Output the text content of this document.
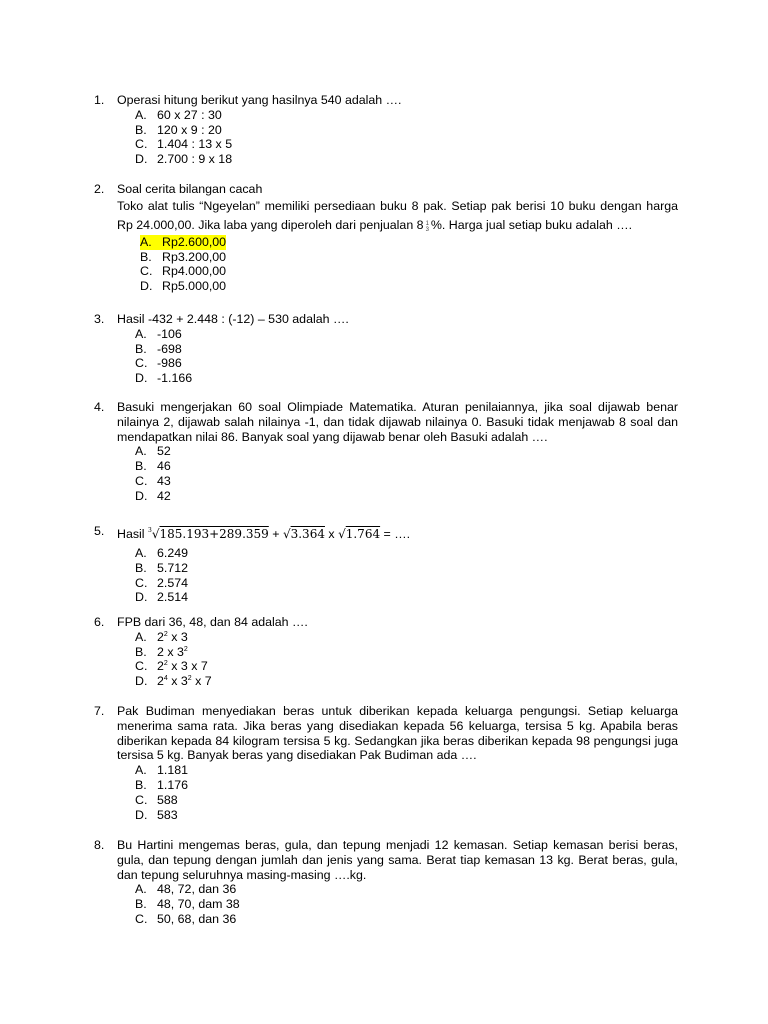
1.	Operasi hitung berikut yang hasilnya 540 adalah ….
A. 60 x 27 : 30
B. 120 x 9 : 20
C. 1.404 : 13 x 5
D. 2.700 : 9 x 18
2.	Soal cerita bilangan cacah
Toko alat tulis “Ngeyelan” memiliki persediaan buku 8 pak. Setiap pak berisi 10 buku dengan harga Rp 24.000,00. Jika laba yang diperoleh dari penjualan 8 1
3 %. Harga jual setiap buku adalah ….
A. Rp2.600,00
B. Rp3.200,00
C. Rp4.000,00
D. Rp5.000,00
3.	Hasil -432 + 2.448 : (-12) – 530 adalah ….
A. -106
B. -698
C. -986
D. -1.166
4.	Basuki mengerjakan 60 soal Olimpiade Matematika. Aturan penilaiannya, jika soal dijawab benar nilainya 2, dijawab salah nilainya -1, dan tidak dijawab nilainya 0. Basuki tidak menjawab 8 soal dan mendapatkan nilai 86. Banyak soal yang dijawab benar oleh Basuki adalah ….
A. 52
B. 46
C. 43
D. 42
5.	Hasil $^3$√185.193+289.359 + √3.364 x √1.764 = ….
A. 6.249
B. 5.712
C. 2.574
D. 2.514
6.	FPB dari 36, 48, dan 84 adalah ….
A. $2^2$ x 3
B. 2 x $3^2$
C. $2^2$ x 3 x 7
D. $2^4$ x $3^2$ x 7
7.	Pak Budiman menyediakan beras untuk diberikan kepada keluarga pengungsi. Setiap keluarga menerima sama rata. Jika beras yang disediakan kepada 56 keluarga, tersisa 5 kg. Apabila beras diberikan kepada 84 kilogram tersisa 5 kg. Sedangkan jika beras diberikan kepada 98 pengungsi juga tersisa 5 kg. Banyak beras yang disediakan Pak Budiman ada ….
A. 1.181
B. 1.176
C. 588
D. 583
8.	Bu Hartini mengemas beras, gula, dan tepung menjadi 12 kemasan. Setiap kemasan berisi beras, gula, dan tepung dengan jumlah dan jenis yang sama. Berat tiap kemasan 13 kg. Berat beras, gula, dan tepung seluruhnya masing-masing ….kg.
A. 48, 72, dan 36
B. 48, 70, dam 38
C. 50, 68, dan 36
